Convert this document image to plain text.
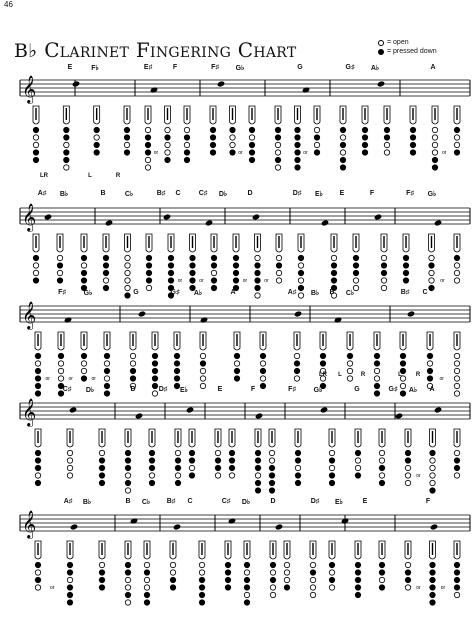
46
B♭ Clarinet Fingering Chart	= open
= pressed down
𝄞
or	or	or	or
E	F♭	E♯	F	F♯ G♭	G	G♯ A♭	A
LR	L	R
𝄞
or	or	or	or	or
A♯ B♭	B	C♭	B♯ C	C♯ D♭	D	D♯ E♭ E	F	F♯ G♭
𝄞
or	or	or	or
F♯	G♭	G	G♯ A♭	A	A♯ B♭ B C♭	B♯ C
LR L	R	L R
𝄞
or
C♯ D♭	D	D♯ E♭	E	F	F♯	G♭	G	G♯ A♭ A
𝄞
or	or	or
A♯ B♭	B C♭ B♯ C	C♯ D♭	D	D♯ E♭	E	F
